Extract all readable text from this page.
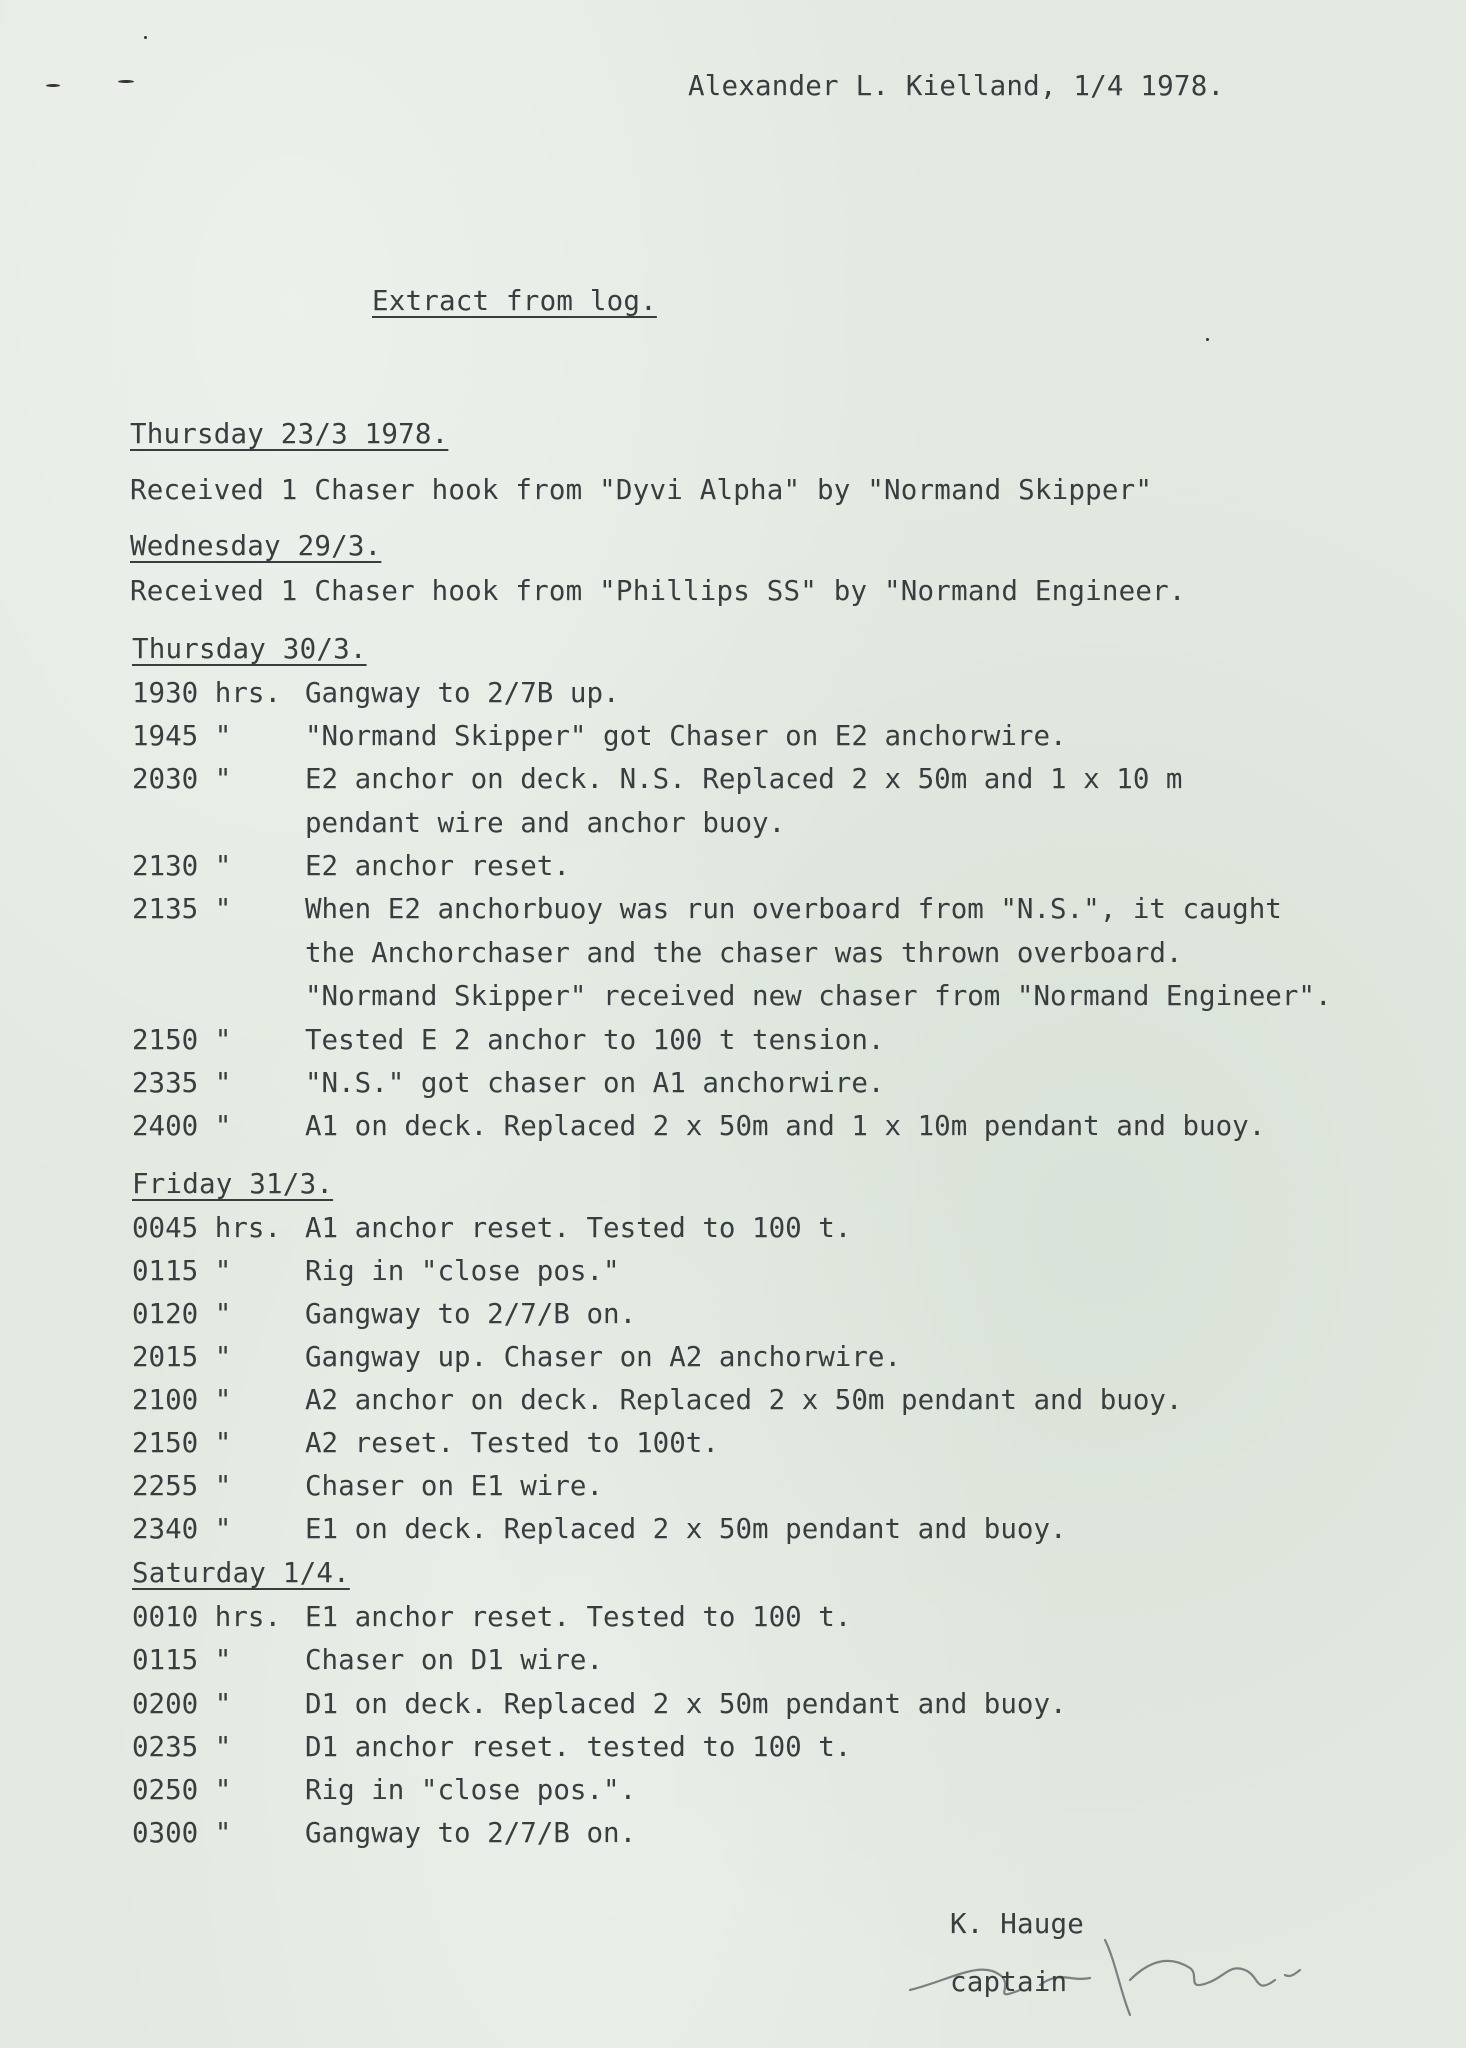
Alexander L. Kielland, 1/4 1978.
Extract from log.
Thursday 23/3 1978.
Received 1 Chaser hook from "Dyvi Alpha" by "Normand Skipper"
Wednesday 29/3.
Received 1 Chaser hook from "Phillips SS" by "Normand Engineer.
Thursday 30/3.
1930 hrs. Gangway to 2/7B up.
1945 "	"Normand Skipper" got Chaser on E2 anchorwire.
2030 "	E2 anchor on deck. N.S. Replaced 2 x 50m and 1 x 10 m
pendant wire and anchor buoy.
2130 "	E2 anchor reset.
2135 "	When E2 anchorbuoy was run overboard from "N.S.", it caught
the Anchorchaser and the chaser was thrown overboard.
"Normand Skipper" received new chaser from "Normand Engineer".
2150 "	Tested E 2 anchor to 100 t tension.
2335 "	"N.S." got chaser on A1 anchorwire.
2400 "	A1 on deck. Replaced 2 x 50m and 1 x 10m pendant and buoy.
Friday 31/3.
0045 hrs. A1 anchor reset. Tested to 100 t.
0115 "	Rig in "close pos."
0120 "	Gangway to 2/7/B on.
2015 "	Gangway up. Chaser on A2 anchorwire.
2100 "	A2 anchor on deck. Replaced 2 x 50m pendant and buoy.
2150 "	A2 reset. Tested to 100t.
2255 "	Chaser on E1 wire.
2340 "	E1 on deck. Replaced 2 x 50m pendant and buoy.
Saturday 1/4.
0010 hrs. E1 anchor reset. Tested to 100 t.
0115 "	Chaser on D1 wire.
0200 "	D1 on deck. Replaced 2 x 50m pendant and buoy.
0235 "	D1 anchor reset. tested to 100 t.
0250 "	Rig in "close pos.".
0300 "	Gangway to 2/7/B on.
K. Hauge
captain
